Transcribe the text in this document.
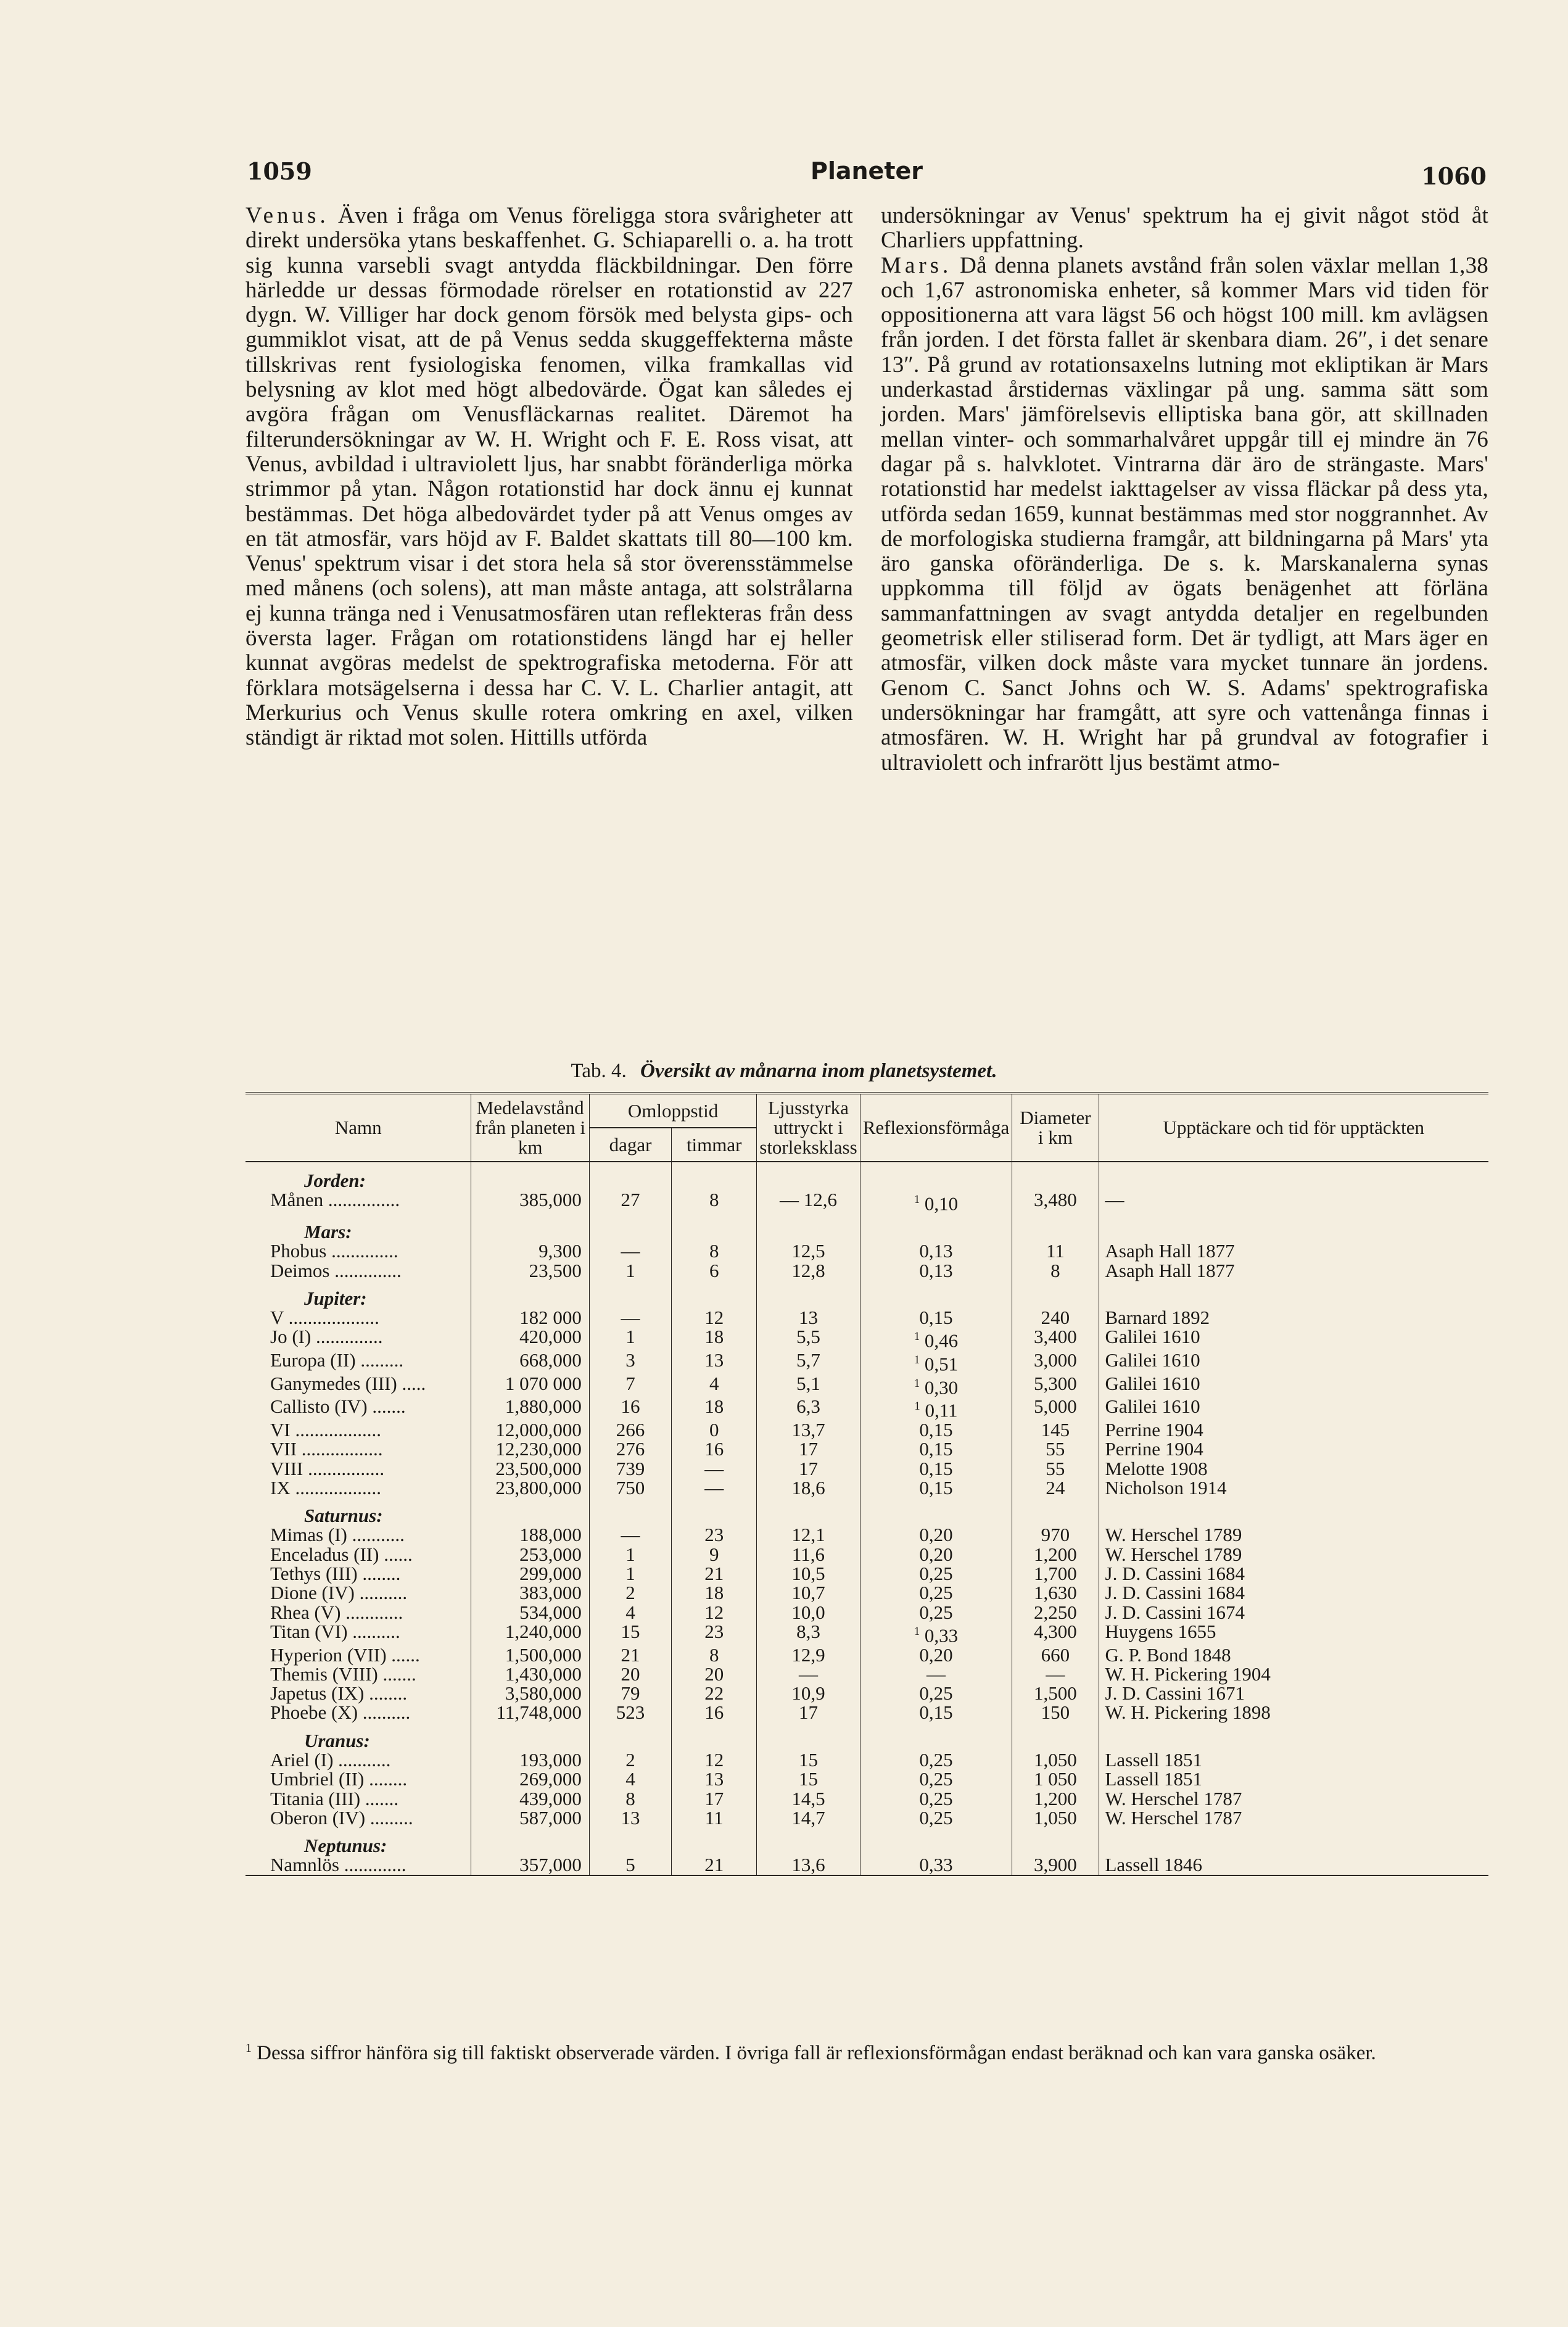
1059	Planeter	1060

Venus. Även i fråga om Venus föreligga stora svårigheter att direkt undersöka ytans beskaffenhet. G. Schiaparelli o. a. ha trott sig kunna varsebli svagt antydda fläckbildningar. Den förre härledde ur dessas förmodade rörelser en rotationstid av 227 dygn. W. Villiger har dock genom försök med belysta gips- och gummiklot visat, att de på Venus sedda skuggeffekterna måste tillskrivas rent fysiologiska fenomen, vilka framkallas vid belysning av klot med högt albedovärde. Ögat kan således ej avgöra frågan om Venusfläckarnas realitet. Däremot ha filterundersökningar av W. H. Wright och F. E. Ross visat, att Venus, avbildad i ultraviolett ljus, har snabbt föränderliga mörka strimmor på ytan. Någon rotationstid har dock ännu ej kunnat bestämmas. Det höga albedovärdet tyder på att Venus omges av en tät atmosfär, vars höjd av F. Baldet skattats till 80—100 km. Venus' spektrum visar i det stora hela så stor överensstämmelse med månens (och solens), att man måste antaga, att solstrålarna ej kunna tränga ned i Venusatmosfären utan reflekteras från dess översta lager. Frågan om rotationstidens längd har ej heller kunnat avgöras medelst de spektrografiska metoderna. För att förklara motsägelserna i dessa har C. V. L. Charlier antagit, att Merkurius och Venus skulle rotera omkring en axel, vilken ständigt är riktad mot solen. Hittills utförda

undersökningar av Venus' spektrum ha ej givit något stöd åt Charliers uppfattning.

Mars. Då denna planets avstånd från solen växlar mellan 1,38 och 1,67 astronomiska enheter, så kommer Mars vid tiden för oppositionerna att vara lägst 56 och högst 100 mill. km avlägsen från jorden. I det första fallet är skenbara diam. 26″, i det senare 13″. På grund av rotationsaxelns lutning mot ekliptikan är Mars underkastad årstidernas växlingar på ung. samma sätt som jorden. Mars' jämförelsevis elliptiska bana gör, att skillnaden mellan vinter- och sommarhalvåret uppgår till ej mindre än 76 dagar på s. halvklotet. Vintrarna där äro de strängaste. Mars' rotationstid har medelst iakttagelser av vissa fläckar på dess yta, utförda sedan 1659, kunnat bestämmas med stor noggrannhet. Av de morfologiska studierna framgår, att bildningarna på Mars' yta äro ganska oföränderliga. De s. k. Marskanalerna synas uppkomma till följd av ögats benägenhet att förläna sammanfattningen av svagt antydda detaljer en regelbunden geometrisk eller stiliserad form. Det är tydligt, att Mars äger en atmosfär, vilken dock måste vara mycket tunnare än jordens. Genom C. Sanct Johns och W. S. Adams' spektrografiska undersökningar har framgått, att syre och vattenånga finnas i atmosfären. W. H. Wright har på grundval av fotografier i ultraviolett och infrarött ljus bestämt atmo-

Tab. 4. Översikt av månarna inom planetsystemet.
Namn	Medelavstånd från planeten i km	Omloppstid		Ljusstyrka uttryckt i storleksklass	Reflexionsförmåga	Diameter i km	Upptäckare och tid för upptäckten
		dagar	timmar				
Jorden:							
Månen ...............	385,000	27	8	— 12,6	$^1$ 0,10	3,480	—
Mars:							
Phobus ..............	9,300	—	8	12,5	0,13	11	Asaph Hall 1877
Deimos ..............	23,500	1	6	12,8	0,13	8	Asaph Hall 1877
Jupiter:							
V ...................	182 000	—	12	13	0,15	240	Barnard 1892
Jo (I) ..............	420,000	1	18	5,5	$^1$ 0,46	3,400	Galilei 1610
Europa (II) .........	668,000	3	13	5,7	$^1$ 0,51	3,000	Galilei 1610
Ganymedes (III) .....	1 070 000	7	4	5,1	$^1$ 0,30	5,300	Galilei 1610
Callisto (IV) .......	1,880,000	16	18	6,3	$^1$ 0,11	5,000	Galilei 1610
VI ..................	12,000,000	266	0	13,7	0,15	145	Perrine 1904
VII .................	12,230,000	276	16	17	0,15	55	Perrine 1904
VIII ................	23,500,000	739	—	17	0,15	55	Melotte 1908
IX ..................	23,800,000	750	—	18,6	0,15	24	Nicholson 1914
Saturnus:							
Mimas (I) ...........	188,000	—	23	12,1	0,20	970	W. Herschel 1789
Enceladus (II) ......	253,000	1	9	11,6	0,20	1,200	W. Herschel 1789
Tethys (III) ........	299,000	1	21	10,5	0,25	1,700	J. D. Cassini 1684
Dione (IV) ..........	383,000	2	18	10,7	0,25	1,630	J. D. Cassini 1684
Rhea (V) ............	534,000	4	12	10,0	0,25	2,250	J. D. Cassini 1674
Titan (VI) ..........	1,240,000	15	23	8,3	$^1$ 0,33	4,300	Huygens 1655
Hyperion (VII) ......	1,500,000	21	8	12,9	0,20	660	G. P. Bond 1848
Themis (VIII) .......	1,430,000	20	20	—	—	—	W. H. Pickering 1904
Japetus (IX) ........	3,580,000	79	22	10,9	0,25	1,500	J. D. Cassini 1671
Phoebe (X) ..........	11,748,000	523	16	17	0,15	150	W. H. Pickering 1898
Uranus:							
Ariel (I) ...........	193,000	2	12	15	0,25	1,050	Lassell 1851
Umbriel (II) ........	269,000	4	13	15	0,25	1 050	Lassell 1851
Titania (III) .......	439,000	8	17	14,5	0,25	1,200	W. Herschel 1787
Oberon (IV) .........	587,000	13	11	14,7	0,25	1,050	W. Herschel 1787
Neptunus:							
Namnlös .............	357,000	5	21	13,6	0,33	3,900	Lassell 1846
$^1$ Dessa siffror hänföra sig till faktiskt observerade värden. I övriga fall är reflexionsförmågan endast beräknad och kan vara ganska osäker.
